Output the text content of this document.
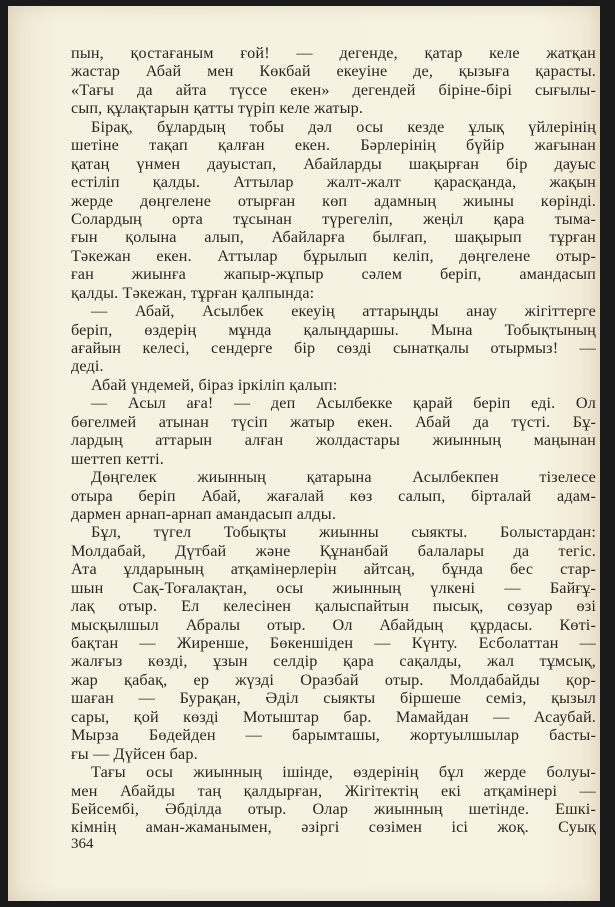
пын, қостағаным ғой! — дегенде, қатар келе жатқан
жастар Абай мен Көкбай екеуіне де, қызыға қарасты.
«Тағы да айта түссе екен» дегендей біріне-бірі сығылы-
сып, құлақтарын қатты түріп келе жатыр.
Бірақ, бұлардың тобы дәл осы кезде ұлық үйлерінің
шетіне тақап қалған екен. Бәрлерінің бүйір жағынан
қатаң үнмен дауыстап, Абайларды шақырған бір дауыс
естіліп қалды. Аттылар жалт-жалт қарасқанда, жақын
жерде дөңгелене отырған көп адамның жиыны көрінді.
Солардың орта тұсынан түрегеліп, жеңіл қара тыма-
ғын қолына алып, Абайларға былғап, шақырып тұрған
Тәкежан екен. Аттылар бұрылып келіп, дөңгелене отыр-
ған жиынға жапыр-жұпыр сәлем беріп, амандасып
қалды. Тәкежан, тұрған қалпында:
— Абай, Асылбек екеуің аттарыңды анау жігіттерге
беріп, өздерің мұнда қалыңдаршы. Мына Тобықтының
ағайын келесі, сендерге бір сөзді сынатқалы отырмыз! —
деді.
Абай үндемей, біраз іркіліп қалып:
— Асыл аға! — деп Асылбекке қарай беріп еді. Ол
бөгелмей атынан түсіп жатыр екен. Абай да түсті. Бұ-
лардың аттарын алған жолдастары жиынның маңынан
шеттеп кетті.
Дөңгелек жиынның қатарына Асылбекпен тізелесе
отыра беріп Абай, жағалай көз салып, бірталай адам-
дармен арнап-арнап амандасып алды.
Бұл, түгел Тобықты жиынны сыякты. Болыстардан:
Молдабай, Дүтбай және Құнанбай балалары да тегіс.
Ата ұлдарының атқамінерлерін айтсаң, бұнда бес стар-
шын Сақ-Тоғалақтан, осы жиынның үлкені — Байғұ-
лақ отыр. Ел келесінен қалыспайтын пысық, сөзуар өзі
мысқылшыл Абралы отыр. Ол Абайдың құрдасы. Көті-
бақтан — Жиренше, Бөкеншіден — Күнту. Есболаттан —
жалғыз көзді, ұзын селдір қара сақалды, жал тұмсық,
жар қабақ, ер жүзді Оразбай отыр. Молдабайды қор-
шаған — Бурақан, Әділ сыякты біршеше семіз, қызыл
сары, қой көзді Мотыштар бар. Мамайдан — Асаубай.
Мырза Бөдейден — барымташы, жортуылшылар басты-
ғы — Дүйсен бар.
Тағы осы жиынның ішінде, өздерінің бұл жерде болуы-
мен Абайды таң қалдырған, Жігітектің екі атқамінері —
Бейсембі, Әбділда отыр. Олар жиынның шетінде. Ешкі-
кімнің аман-жаманымен, әзіргі сөзімен ісі жоқ. Суық
364
